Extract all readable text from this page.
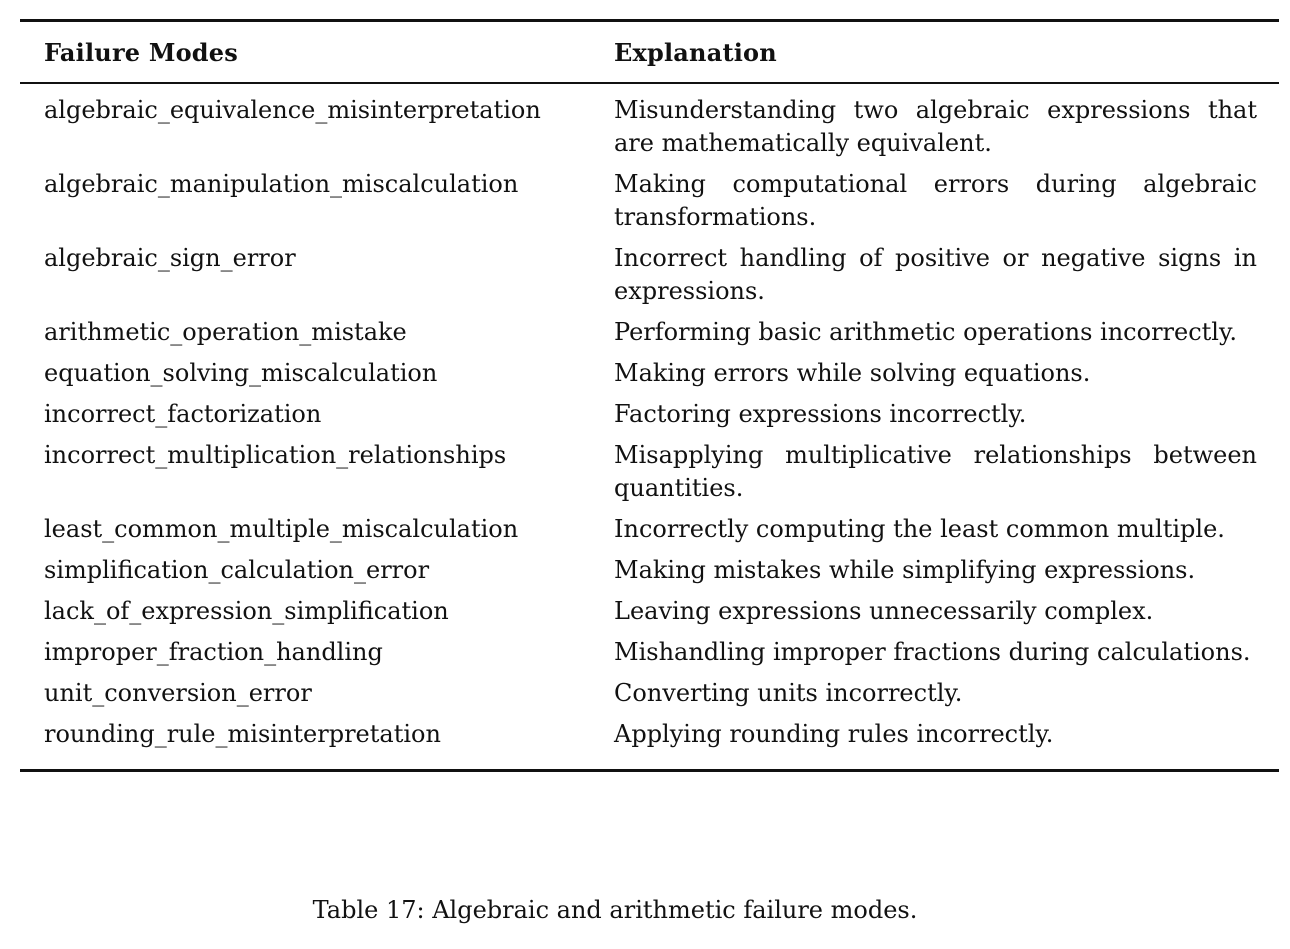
Failure Modes	Explanation
algebraic_equivalence_misinterpretation	Misunderstanding two algebraic expressions that are mathematically equivalent.
algebraic_manipulation_miscalculation	Making computational errors during algebraic transformations.
algebraic_sign_error	Incorrect handling of positive or negative signs in expressions.
arithmetic_operation_mistake	Performing basic arithmetic operations incorrectly.
equation_solving_miscalculation	Making errors while solving equations.
incorrect_factorization	Factoring expressions incorrectly.
incorrect_multiplication_relationships	Misapplying multiplicative relationships between quantities.
least_common_multiple_miscalculation	Incorrectly computing the least common multiple.
simplification_calculation_error	Making mistakes while simplifying expressions.
lack_of_expression_simplification	Leaving expressions unnecessarily complex.
improper_fraction_handling	Mishandling improper fractions during calculations.
unit_conversion_error	Converting units incorrectly.
rounding_rule_misinterpretation	Applying rounding rules incorrectly.
Table 17: Algebraic and arithmetic failure modes.
